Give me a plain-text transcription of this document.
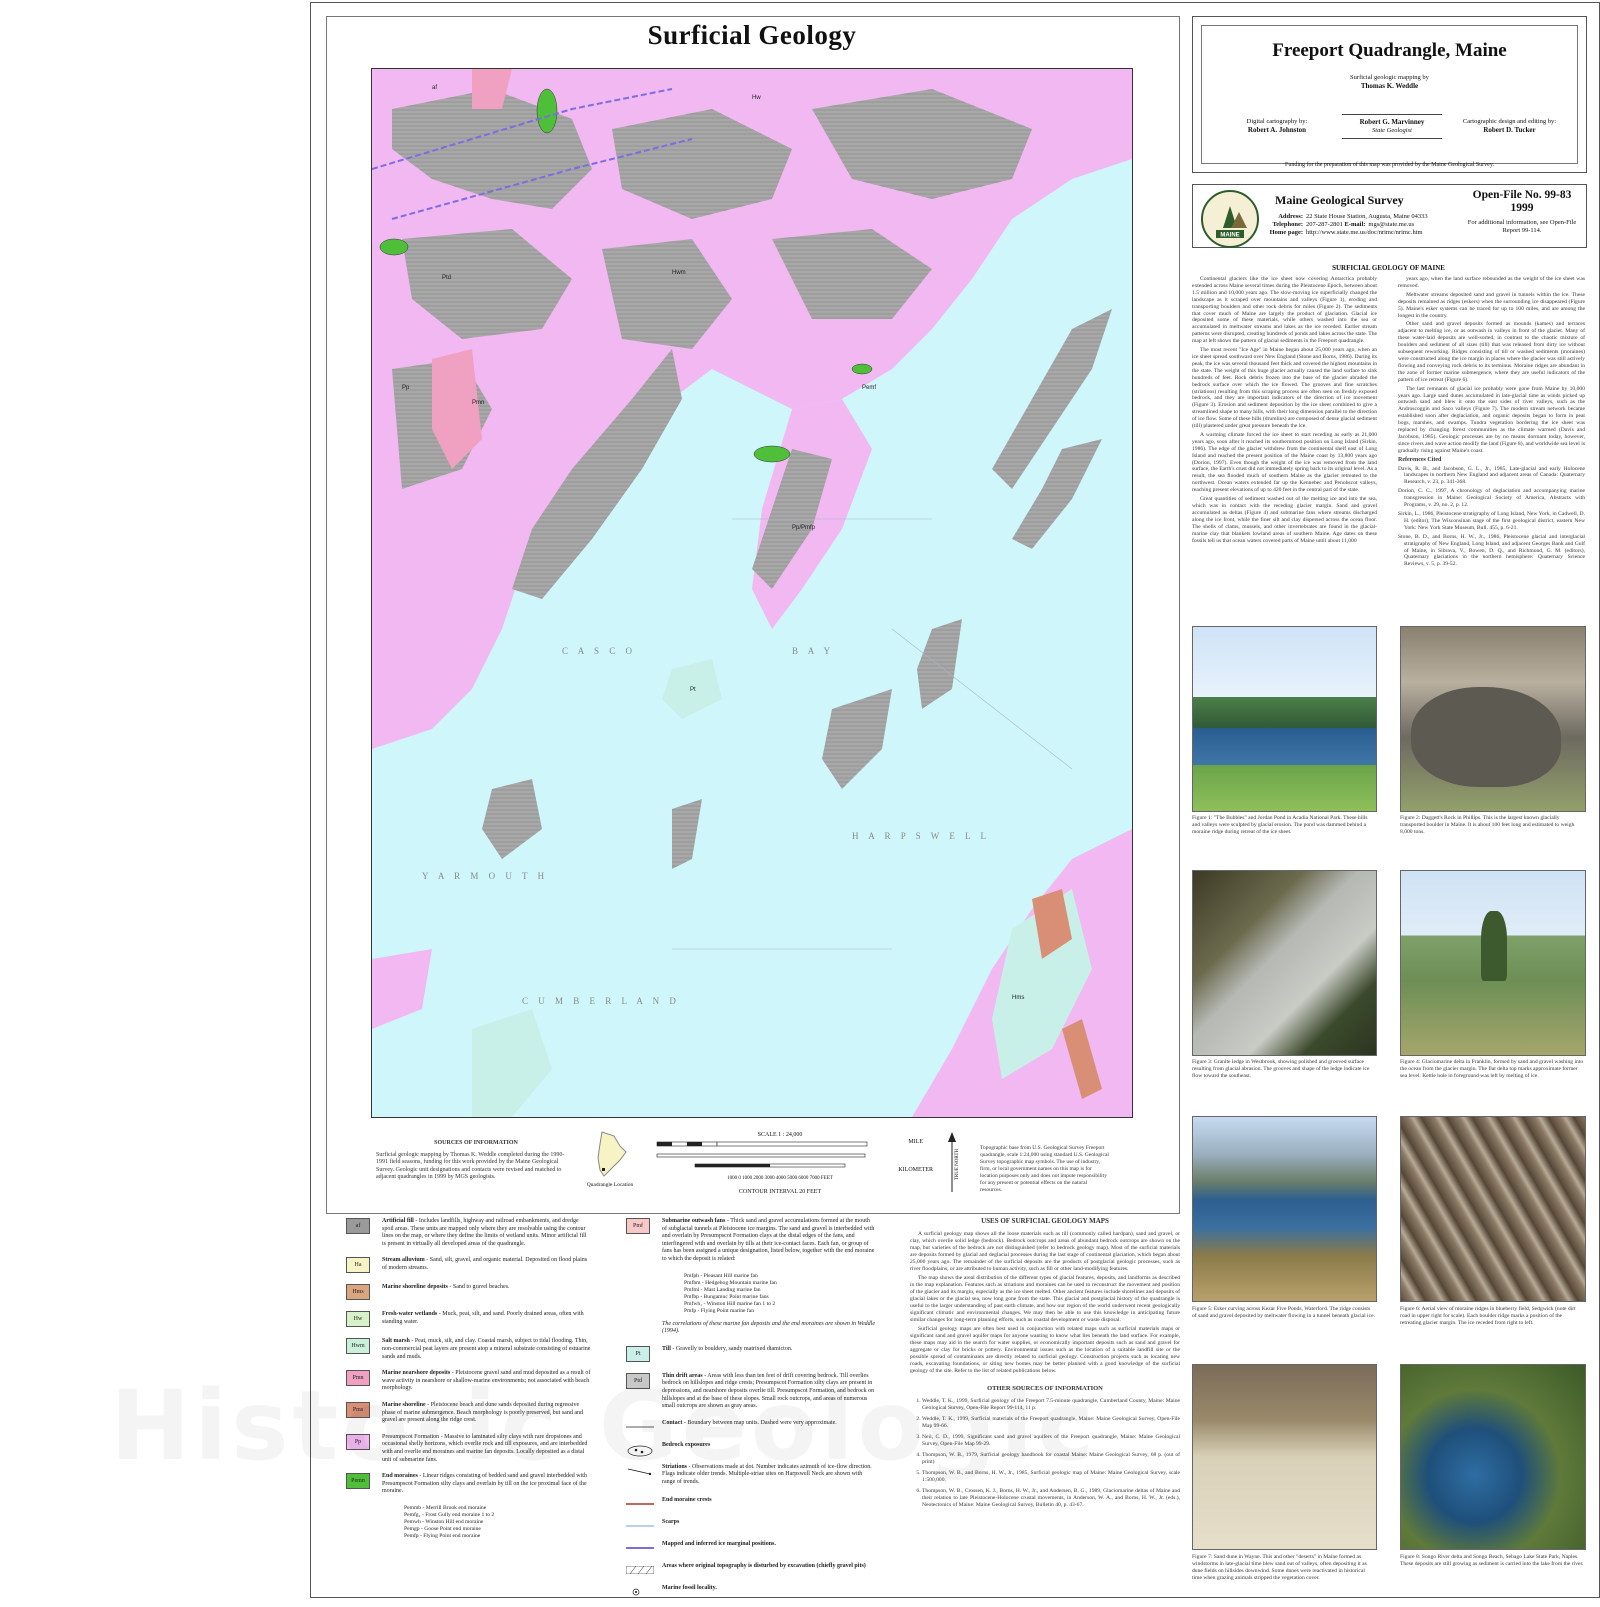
Surficial Geology
C A S C O	B A Y
C U M B E R L A N D
Y A R M O U T H
H A R P S W E L L
Pmn
Pt
Ptd
Hw
Hwm
Pp	Pemf
Hms
af
Pp/Pmfp
SOURCES OF INFORMATION
Surficial geologic mapping by Thomas K. Weddle completed during the 1990-1991 field seasons, funding for this work provided by the Maine Geological Survey. Geologic unit designations and contacts were revised and matched to adjacent quadrangles in 1999 by MGS geologists.
Quadrangle Location
SCALE 1 : 24,000
MILE
1000 0 1000 2000 3000 4000 5000 6000 7000 FEET
KILOMETER
CONTOUR INTERVAL 20 FEET
TRUE NORTH
Topographic base from U.S. Geological Survey Freeport quadrangle, scale 1:24,000 using standard U.S. Geological Survey topographic map symbols. The use of industry, firm, or local government names on this map is for location purposes only and does not impute responsibility for any present or potential effects on the natural resources.
Freeport Quadrangle, Maine
Surficial geologic mapping by
Thomas K. Weddle
Digital cartography by:
Robert A. Johnston
Robert G. Marvinney
State Geologist
Cartographic design and editing by:
Robert D. Tucker
Funding for the preparation of this map was provided by the Maine Geological Survey.
MAINE
Maine Geological Survey
Address: 22 State House Station, Augusta, Maine 04333
Telephone: 207-287-2801 E-mail: mgs@state.me.us
Home page: http://www.state.me.us/doc/nrimc/nrimc.htm
Open-File No. 99-83
1999
For additional information, see Open-File Report 99-114.
SURFICIAL GEOLOGY OF MAINE

Continental glaciers like the ice sheet now covering Antarctica probably extended across Maine several times during the Pleistocene Epoch, between about 1.5 million and 10,000 years ago. The slow-moving ice superficially changed the landscape as it scraped over mountains and valleys (Figure 1), eroding and transporting boulders and other rock debris for miles (Figure 2). The sediments that cover much of Maine are largely the product of glaciation. Glacial ice deposited some of these materials, while others washed into the sea or accumulated in meltwater streams and lakes as the ice receded. Earlier stream patterns were disrupted, creating hundreds of ponds and lakes across the state. The map at left shows the pattern of glacial sediments in the Freeport quadrangle.

The most recent "Ice Age" in Maine began about 25,000 years ago, when an ice sheet spread southward over New England (Stone and Borns, 1986). During its peak, the ice was several thousand feet thick and covered the highest mountains in the state. The weight of this huge glacier actually caused the land surface to sink hundreds of feet. Rock debris frozen into the base of the glacier abraded the bedrock surface over which the ice flowed. The grooves and fine scratches (striations) resulting from this scraping process are often seen on freshly exposed bedrock, and they are important indicators of the direction of ice movement (Figure 3). Erosion and sediment deposition by the ice sheet combined to give a streamlined shape to many hills, with their long dimension parallel to the direction of ice flow. Some of these hills (drumlins) are composed of dense glacial sediment (till) plastered under great pressure beneath the ice.

A warming climate forced the ice sheet to start receding as early as 21,000 years ago, soon after it reached its southernmost position on Long Island (Sirkin, 1986). The edge of the glacier withdrew from the continental shelf east of Long Island and reached the present position of the Maine coast by 13,800 years ago (Dorion, 1997). Even though the weight of the ice was removed from the land surface, the Earth's crust did not immediately spring back to its original level. As a result, the sea flooded much of southern Maine as the glacier retreated to the northwest. Ocean waters extended far up the Kennebec and Penobscot valleys, reaching present elevations of up to 420 feet in the central part of the state.

Great quantities of sediment washed out of the melting ice and into the sea, which was in contact with the receding glacier margin. Sand and gravel accumulated as deltas (Figure 4) and submarine fans where streams discharged along the ice front, while the finer silt and clay dispersed across the ocean floor. The shells of clams, mussels, and other invertebrates are found in the glacial-marine clay that blankets lowland areas of southern Maine. Age dates on these fossils tell us that ocean waters covered parts of Maine until about 11,000

years ago, when the land surface rebounded as the weight of the ice sheet was removed.

Meltwater streams deposited sand and gravel in tunnels within the ice. These deposits remained as ridges (eskers) when the surrounding ice disappeared (Figure 5). Maine's esker systems can be traced for up to 100 miles, and are among the longest in the country.

Other sand and gravel deposits formed as mounds (kames) and terraces adjacent to melting ice, or as outwash in valleys in front of the glacier. Many of these water-laid deposits are well-sorted, in contrast to the chaotic mixture of boulders and sediment of all sizes (till) that was released from dirty ice without subsequent reworking. Ridges consisting of till or washed sediments (moraines) were constructed along the ice margin in places where the glacier was still actively flowing and conveying rock debris to its terminus. Moraine ridges are abundant in the zone of former marine submergence, where they are useful indicators of the pattern of ice retreat (Figure 6).

The last remnants of glacial ice probably were gone from Maine by 10,000 years ago. Large sand dunes accumulated in late-glacial time as winds picked up outwash sand and blew it onto the east sides of river valleys, such as the Androscoggin and Saco valleys (Figure 7). The modern stream network became established soon after deglaciation, and organic deposits began to form in peat bogs, marshes, and swamps. Tundra vegetation bordering the ice sheet was replaced by changing forest communities as the climate warmed (Davis and Jacobson, 1985). Geologic processes are by no means dormant today, however, since rivers and wave action modify the land (Figure 8), and worldwide sea level is gradually rising against Maine's coast.

References Cited

Davis, R. B., and Jacobson, G. L., Jr., 1985, Late-glacial and early Holocene landscapes in northern New England and adjacent areas of Canada: Quaternary Research, v. 23, p. 341-368.

Dorion, C. C., 1997, A chronology of deglaciation and accompanying marine transgression in Maine: Geological Society of America, Abstracts with Programs, v. 29, no. 2, p. 12.

Sirkin, L., 1986, Pleistocene stratigraphy of Long Island, New York, in Cadwell, D. H. (editor), The Wisconsinan stage of the first geological district, eastern New York: New York State Museum, Bull. 455, p. 6-21.

Stone, B. D., and Borns, H. W., Jr., 1986, Pleistocene glacial and interglacial stratigraphy of New England, Long Island, and adjacent Georges Bank and Gulf of Maine, in Sibrava, V., Bowen, D. Q., and Richmond, G. M. (editors), Quaternary glaciations in the northern hemisphere: Quaternary Science Reviews, v. 5, p. 39-52.

Figure 1: "The Bubbles" and Jordan Pond in Acadia National Park. These hills and valleys were sculpted by glacial erosion. The pond was dammed behind a moraine ridge during retreat of the ice sheet.
Figure 2: Daggett's Rock in Phillips. This is the largest known glacially transported boulder in Maine. It is about 100 feet long and estimated to weigh 8,000 tons.
Figure 3: Granite ledge in Westbrook, showing polished and grooved surface resulting from glacial abrasion. The grooves and shape of the ledge indicate ice flow toward the southeast.
Figure 4: Glaciomarine delta in Franklin, formed by sand and gravel washing into the ocean from the glacier margin. The flat delta top marks approximate former sea level. Kettle hole in foreground was left by melting of ice.
Figure 5: Esker curving across Kezar Five Ponds, Waterford. The ridge consists of sand and gravel deposited by meltwater flowing in a tunnel beneath glacial ice.
Figure 6: Aerial view of moraine ridges in blueberry field, Sedgwick (note dirt road in upper right for scale). Each boulder ridge marks a position of the retreating glacier margin. The ice receded from right to left.
Figure 7: Sand dune in Wayne. This and other "deserts" in Maine formed as windstorms in late-glacial time blew sand out of valleys, often depositing it as dune fields on hillsides downwind. Some dunes were reactivated in historical time when grazing animals stripped the vegetation cover.
Figure 8: Songo River delta and Songo Beach, Sebago Lake State Park, Naples. These deposits are still growing as sediment is carried into the lake from the river.
af
Artificial fill - Includes landfills, highway and railroad embankments, and dredge spoil areas. These units are mapped only where they are resolvable using the contour lines on the map, or where they define the limits of wetland units. Minor artificial fill is present in virtually all developed areas of the quadrangle.
Ha
Stream alluvium - Sand, silt, gravel, and organic material. Deposited on flood plains of modern streams.
Hms
Marine shoreline deposits - Sand to gravel beaches.
Hw
Fresh-water wetlands - Muck, peat, silt, and sand. Poorly drained areas, often with standing water.
Hwm
Salt marsh - Peat, muck, silt, and clay. Coastal marsh, subject to tidal flooding. Thin, non-commercial peat layers are present atop a mineral substrate consisting of estuarine sands and muds.
Pmn
Marine nearshore deposits - Pleistocene gravel sand and mud deposited as a result of wave activity in nearshore or shallow-marine environments; not associated with beach morphology.
Pms
Marine shoreline - Pleistocene beach and dune sands deposited during regressive phase of marine submergence. Beach morphology is poorly preserved, but sand and gravel are present along the ridge crest.
Pp
Presumpscot Formation - Massive to laminated silty clays with rare dropstones and occasional shelly horizons, which overlie rock and till exposures, and are interbedded with and overlie end moraines and marine fan deposits. Locally deposited as a distal unit of submarine fans.
Pemn
End moraines - Linear ridges consisting of bedded sand and gravel interbedded with Presumpscot Formation silty clays and overlain by till on the ice proximal face of the moraine.
Pemmb - Merrill Brook end moraine
Pemfg₁ - Frost Gully end moraine 1 to 2
Pemwh - Winston Hill end moraine
Pemgp - Goose Point end moraine
Pemfp - Flying Point end moraine
Pmf
Submarine outwash fans - Thick sand and gravel accumulations formed at the mouth of subglacial tunnels at Pleistocene ice margins. The sand and gravel is interbedded with and overlain by Presumpscot Formation clays at the distal edges of the fans, and interfingered with and overlain by tills at their ice-contact faces. Each fan, or group of fans has been assigned a unique designation, listed below, together with the end moraine to which the deposit is related:
Pmfph - Pleasant Hill marine fan
Pmfhm - Hedgehog Mountain marine fan
Pmfml - Mast Landing marine fan
Pmfbp - Bungamuc Point marine fans
Pmfwh₁ - Winston Hill marine fan 1 to 2
Pmfp - Flying Point marine fan
The correlations of these marine fan deposits and the end moraines are shown in Weddle (1994).
Pt
Till - Gravelly to bouldery, sandy matrixed diamicton.
Ptd
Thin drift areas - Areas with less than ten feet of drift covering bedrock. Till overlies bedrock on hillslopes and ridge crests; Presumpscot Formation silty clays are present in depressions, and nearshore deposits overlie till. Presumpscot Formation, and bedrock on hillslopes and at the base of these slopes. Small rock outcrops, and areas of numerous small outcrops are shown as gray areas.
Contact - Boundary between map units. Dashed were very approximate.
Bedrock exposures
Striations - Observations made at dot. Number indicates azimuth of ice-flow direction. Flags indicate older trends. Multiple-striae sites on Harpswell Neck are shown with range of trends.
End moraine crests
Scarps
Mapped and inferred ice marginal positions.
Areas where original topography is disturbed by excavation (chiefly gravel pits)
Marine fossil locality.
USES OF SURFICIAL GEOLOGY MAPS

A surficial geology map shows all the loose materials such as till (commonly called hardpan), sand and gravel, or clay, which overlie solid ledge (bedrock). Bedrock outcrops and areas of abundant bedrock outcrops are shown on the map, but varieties of the bedrock are not distinguished (refer to bedrock geology map). Most of the surficial materials are deposits formed by glacial and deglacial processes during the last stage of continental glaciation, which began about 25,000 years ago. The remainder of the surficial deposits are the products of postglacial geologic processes, such as river floodplains, or are attributed to human activity, such as fill or other land-modifying features.

The map shows the areal distribution of the different types of glacial features, deposits, and landforms as described in the map explanation. Features such as striations and moraines can be used to reconstruct the movement and position of the glacier and its margin, especially as the ice sheet melted. Other ancient features include shorelines and deposits of glacial lakes or the glacial sea, now long gone from the state. This glacial and postglacial history of the quadrangle is useful to the larger understanding of past earth climate, and how our region of the world underwent recent geologically significant climatic and environmental changes. We may then be able to use this knowledge in anticipating future similar changes for long-term planning efforts, such as coastal development or waste disposal.

Surficial geology maps are often best used in conjunction with related maps such as surficial materials maps or significant sand and gravel aquifer maps for anyone wanting to know what lies beneath the land surface. For example, these maps may aid in the search for water supplies, or economically important deposits such as sand and gravel for aggregate or clay for bricks or pottery. Environmental issues such as the location of a suitable landfill site or the possible spread of contaminants are directly related to surficial geology. Construction projects such as locating new roads, excavating foundations, or siting new homes may be better planned with a good knowledge of the surficial geology of the site. Refer to the list of related publications below.

OTHER SOURCES OF INFORMATION
1. Weddle, T. K., 1999, Surficial geology of the Freeport 7.5-minute quadrangle, Cumberland County, Maine: Maine Geological Survey, Open-File Report 99-114, 11 p.
2. Weddle, T. K., 1999, Surficial materials of the Freeport quadrangle, Maine: Maine Geological Survey, Open-File Map 99-66.
3. Neil, C. D., 1999, Significant sand and gravel aquifers of the Freeport quadrangle, Maine: Maine Geological Survey, Open-File Map 99-29.
4. Thompson, W. B., 1979, Surficial geology handbook for coastal Maine: Maine Geological Survey, 68 p. (out of print)
5. Thompson, W. B., and Borns, H. W., Jr., 1985, Surficial geologic map of Maine: Maine Geological Survey, scale 1:500,000.
6. Thompson, W. B., Crossen, K. J., Borns, H. W., Jr., and Andersen, B. G., 1989, Glaciomarine deltas of Maine and their relation to late Pleistocene-Holocene crustal movements, in Anderson, W. A., and Borns, H. W., Jr. (eds.), Neotectonics of Maine: Maine Geological Survey, Bulletin 40, p. 43-67.
